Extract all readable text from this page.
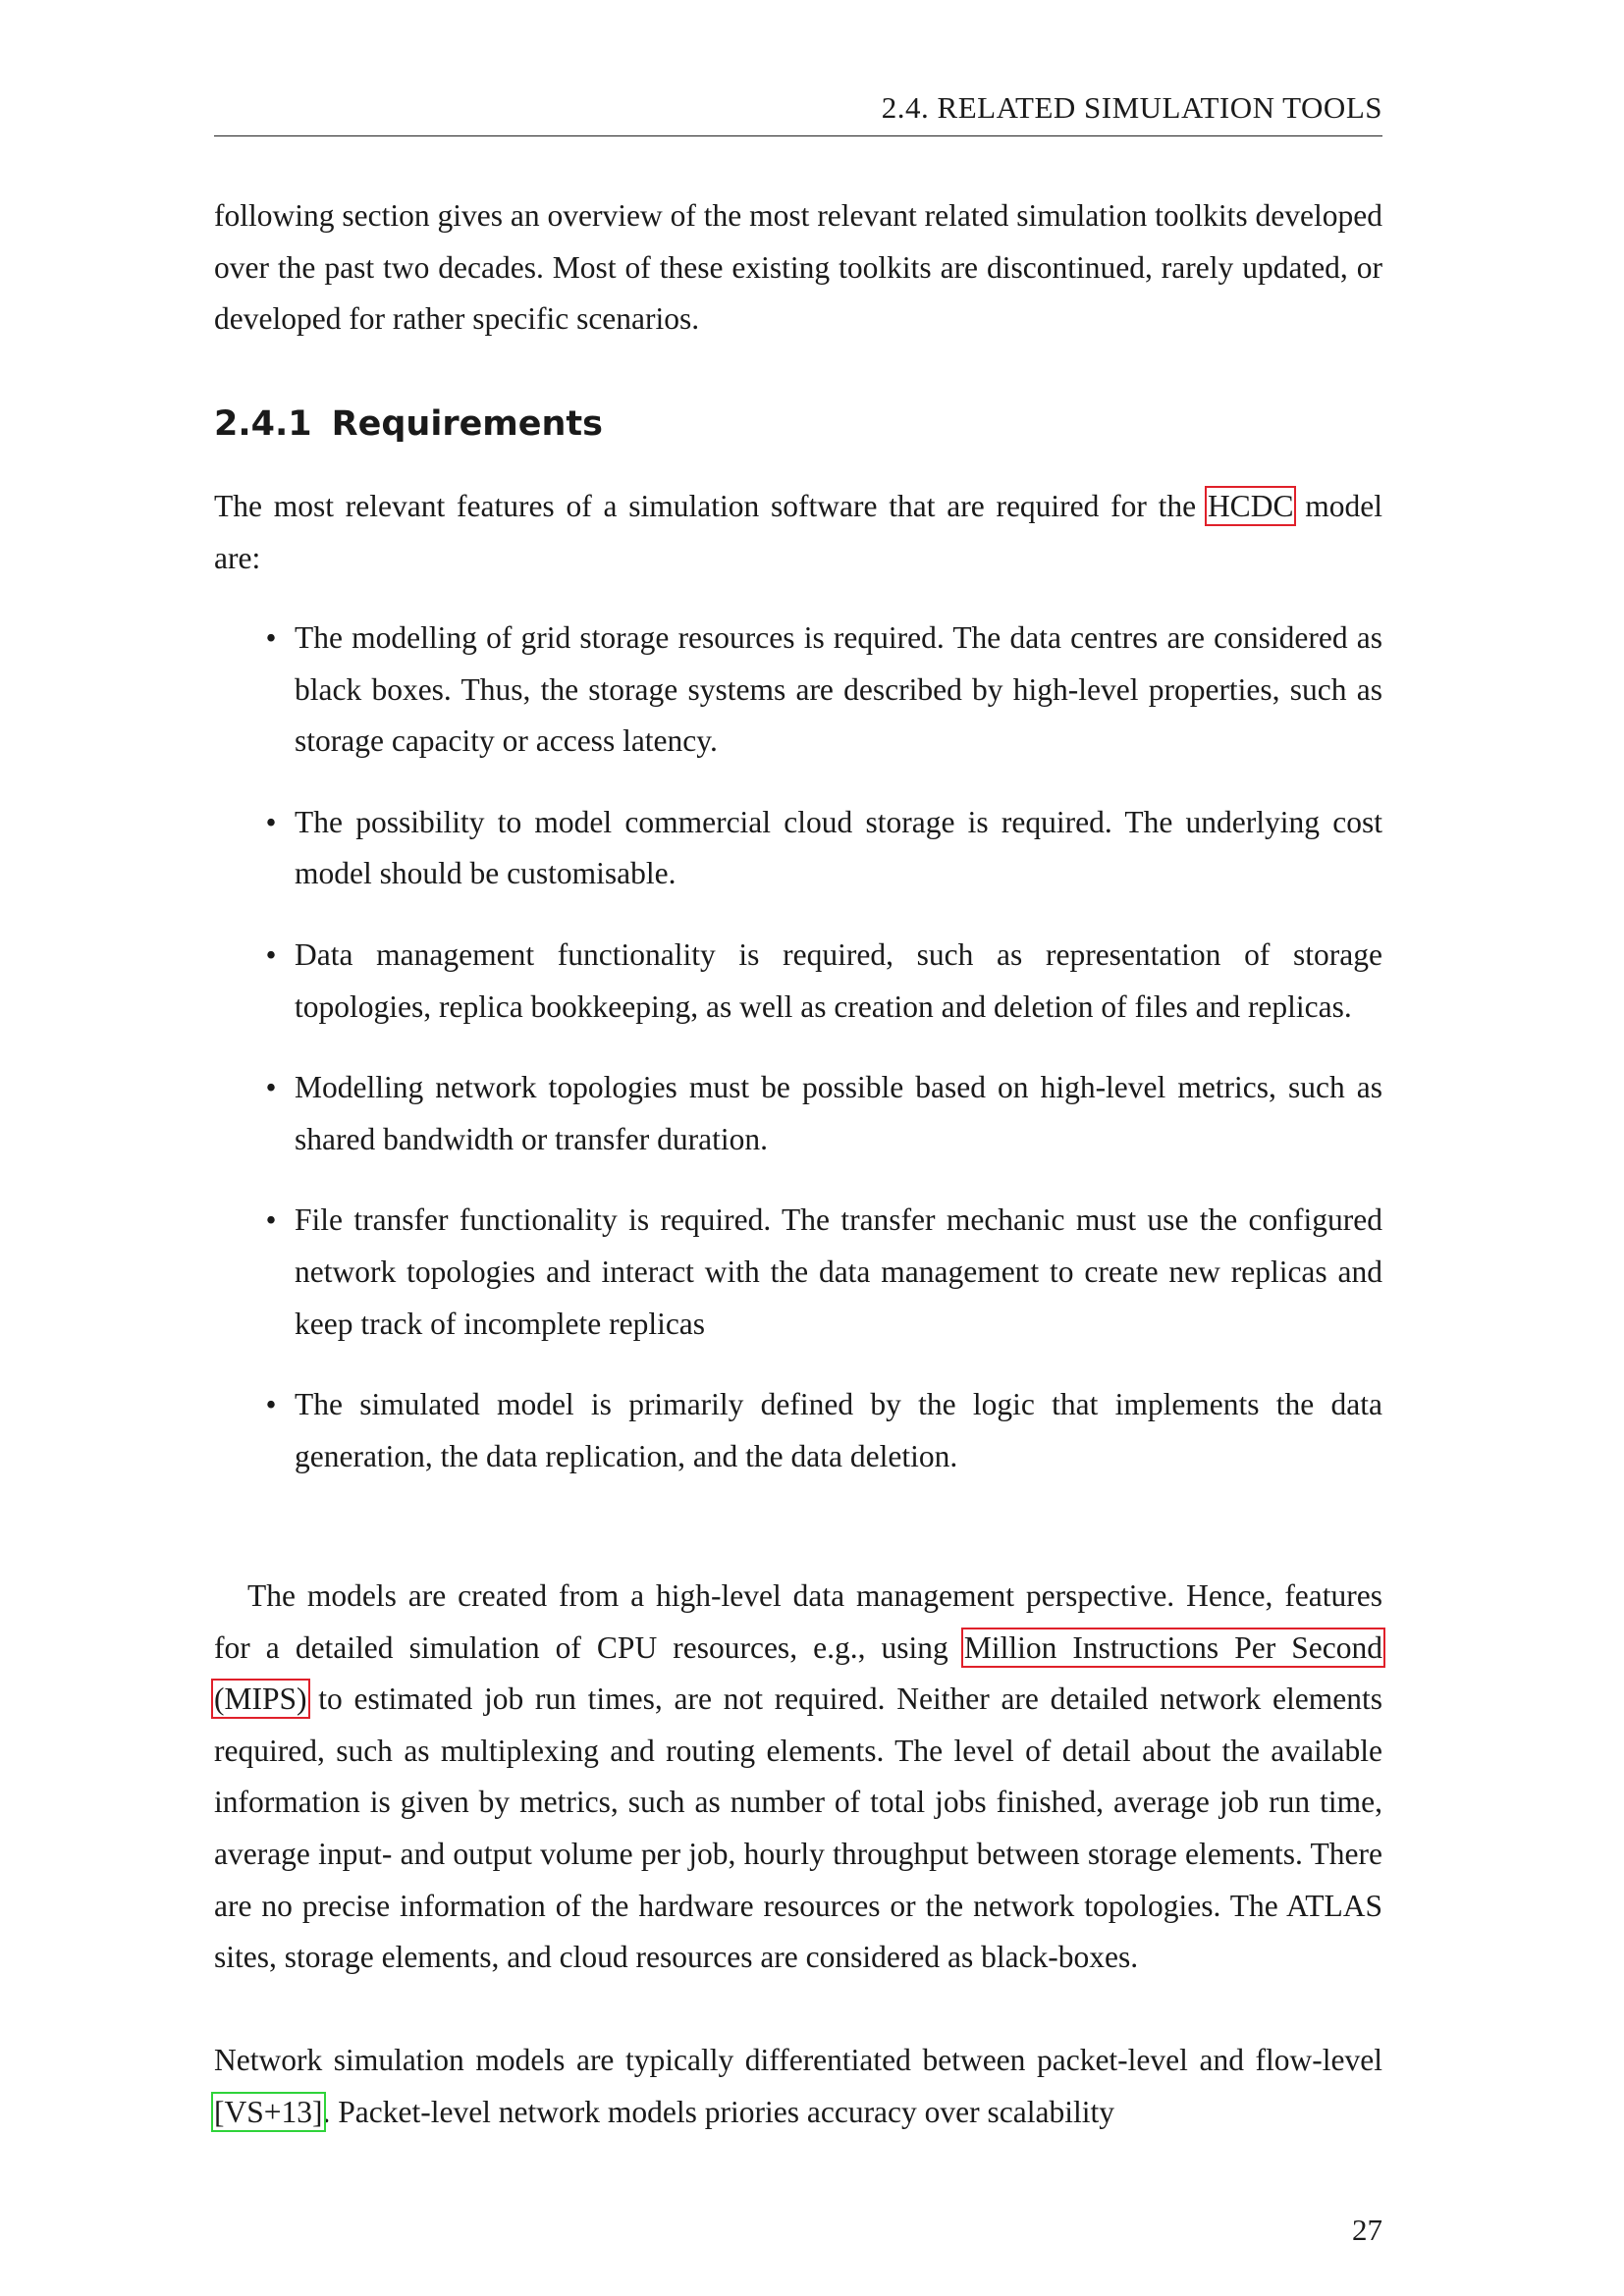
2.4. RELATED SIMULATION TOOLS
following section gives an overview of the most relevant related simulation toolkits developed over the past two decades. Most of these existing toolkits are discontinued, rarely updated, or developed for rather specific scenarios.
2.4.1 Requirements
The most relevant features of a simulation software that are required for the HCDC model are:
• The modelling of grid storage resources is required. The data centres are considered as black boxes. Thus, the storage systems are described by high-level properties, such as storage capacity or access latency.
• The possibility to model commercial cloud storage is required. The underlying cost model should be customisable.
• Data management functionality is required, such as representation of storage topologies, replica bookkeeping, as well as creation and deletion of files and replicas.
• Modelling network topologies must be possible based on high-level metrics, such as shared bandwidth or transfer duration.
• File transfer functionality is required. The transfer mechanic must use the configured network topologies and interact with the data management to create new replicas and keep track of incomplete replicas
• The simulated model is primarily defined by the logic that implements the data generation, the data replication, and the data deletion.
The models are created from a high-level data management perspective. Hence, features for a detailed simulation of CPU resources, e.g., using Million Instructions Per Second (MIPS) to estimated job run times, are not required. Neither are detailed network elements required, such as multiplexing and routing elements. The level of detail about the available information is given by metrics, such as number of total jobs finished, average job run time, average input- and output volume per job, hourly throughput between storage elements. There are no precise information of the hardware resources or the network topologies. The ATLAS sites, storage elements, and cloud resources are considered as black-boxes.
Network simulation models are typically differentiated between packet-level and flow-level [VS+13]. Packet-level network models priories accuracy over scalability
27
